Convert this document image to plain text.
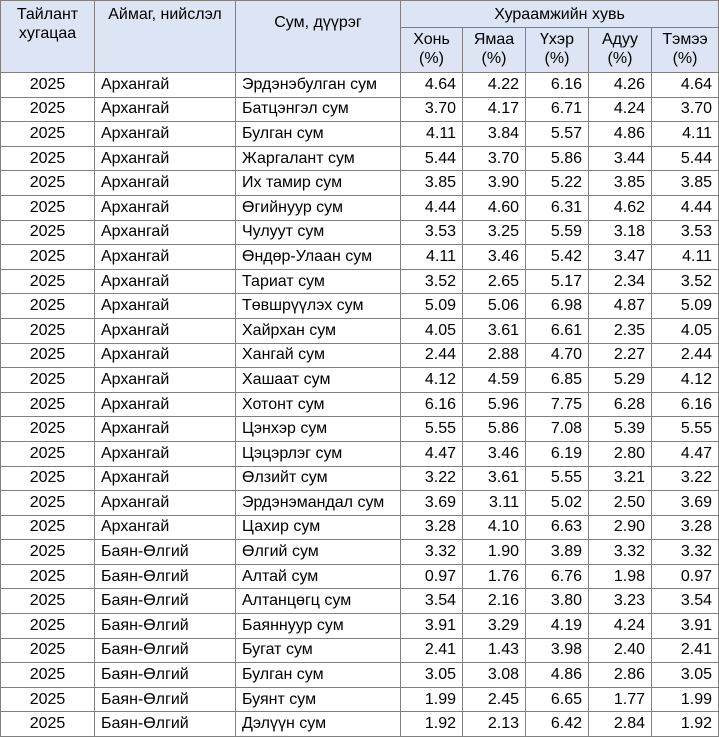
Тайлант хугацаа	Аймаг, нийслэл	Сум, дүүрэг	Хураамжийн хувь				
			Хонь (%)	Ямаа (%)	Үхэр (%)	Адуу (%)	Тэмээ (%)
2025	Архангай	Эрдэнэбулган сум	4.64	4.22	6.16	4.26	4.64
2025	Архангай	Батцэнгэл сум	3.70	4.17	6.71	4.24	3.70
2025	Архангай	Булган сум	4.11	3.84	5.57	4.86	4.11
2025	Архангай	Жаргалант сум	5.44	3.70	5.86	3.44	5.44
2025	Архангай	Их тамир сум	3.85	3.90	5.22	3.85	3.85
2025	Архангай	Өгийнуур сум	4.44	4.60	6.31	4.62	4.44
2025	Архангай	Чулуут сум	3.53	3.25	5.59	3.18	3.53
2025	Архангай	Өндөр-Улаан сум	4.11	3.46	5.42	3.47	4.11
2025	Архангай	Тариат сум	3.52	2.65	5.17	2.34	3.52
2025	Архангай	Төвшрүүлэх сум	5.09	5.06	6.98	4.87	5.09
2025	Архангай	Хайрхан сум	4.05	3.61	6.61	2.35	4.05
2025	Архангай	Хангай сум	2.44	2.88	4.70	2.27	2.44
2025	Архангай	Хашаат сум	4.12	4.59	6.85	5.29	4.12
2025	Архангай	Хотонт сум	6.16	5.96	7.75	6.28	6.16
2025	Архангай	Цэнхэр сум	5.55	5.86	7.08	5.39	5.55
2025	Архангай	Цэцэрлэг сум	4.47	3.46	6.19	2.80	4.47
2025	Архангай	Өлзийт сум	3.22	3.61	5.55	3.21	3.22
2025	Архангай	Эрдэнэмандал сум	3.69	3.11	5.02	2.50	3.69
2025	Архангай	Цахир сум	3.28	4.10	6.63	2.90	3.28
2025	Баян-Өлгий	Өлгий сум	3.32	1.90	3.89	3.32	3.32
2025	Баян-Өлгий	Алтай сум	0.97	1.76	6.76	1.98	0.97
2025	Баян-Өлгий	Алтанцөгц сум	3.54	2.16	3.80	3.23	3.54
2025	Баян-Өлгий	Баяннуур сум	3.91	3.29	4.19	4.24	3.91
2025	Баян-Өлгий	Бугат сум	2.41	1.43	3.98	2.40	2.41
2025	Баян-Өлгий	Булган сум	3.05	3.08	4.86	2.86	3.05
2025	Баян-Өлгий	Буянт сум	1.99	2.45	6.65	1.77	1.99
2025	Баян-Өлгий	Дэлүүн сум	1.92	2.13	6.42	2.84	1.92
